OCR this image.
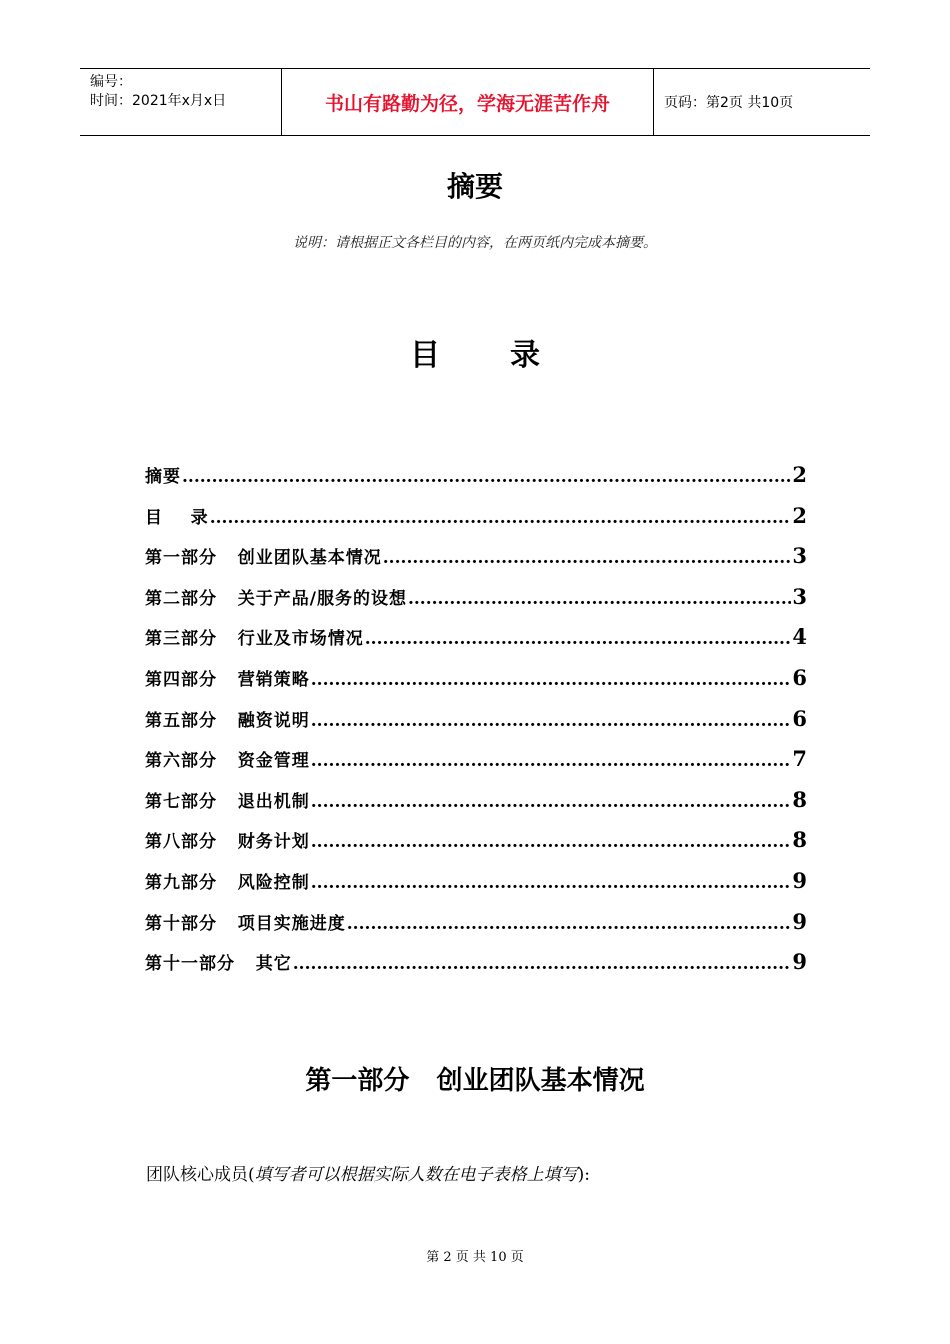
编号：
时间：2021年x月x日	书山有路勤为径，学海无涯苦作舟	页码：第2页 共10页
摘要
说明：请根据正文各栏目的内容，在两页纸内完成本摘要。
目 录
摘要 .....	2
目    录 .....	2
第一部分   创业团队基本情况 .....	3
第二部分   关于产品/服务的设想 .....	3
第三部分   行业及市场情况 .....	4
第四部分   营销策略 .....	6
第五部分   融资说明 .....	6
第六部分   资金管理 .....	7
第七部分   退出机制 .....	8
第八部分   财务计划 .....	8
第九部分   风险控制 .....	9
第十部分   项目实施进度 .....	9
第十一部分   其它 .....	9
第一部分   创业团队基本情况
团队核心成员(填写者可以根据实际人数在电子表格上填写):
第 2 页 共 10 页
